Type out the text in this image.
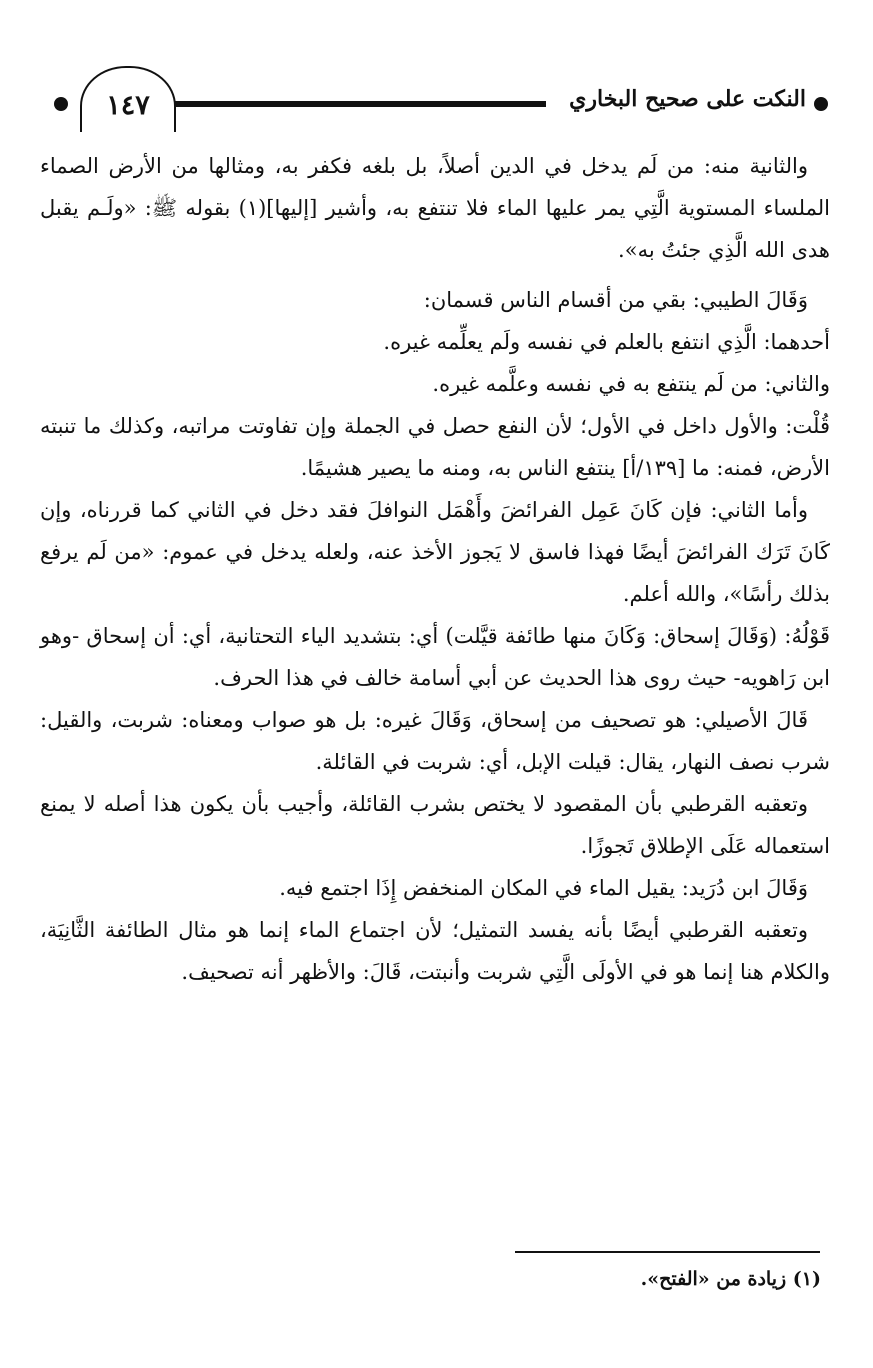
١٤٧	النكت على صحيح البخاري

والثانية منه: من لَم يدخل في الدين أصلاً، بل بلغه فكفر به، ومثالها من الأرض الصماء الملساء المستوية الَّتِي يمر عليها الماء فلا تنتفع به، وأشير [إليها](١) بقوله ﷺ: «ولَـم يقبل هدى الله الَّذِي جئتُ به».

وَقَالَ الطيبي: بقي من أقسام الناس قسمان:

أحدهما: الَّذِي انتفع بالعلم في نفسه ولَم يعلِّمه غيره.

والثاني: من لَم ينتفع به في نفسه وعلَّمه غيره.

قُلْت: والأول داخل في الأول؛ لأن النفع حصل في الجملة وإن تفاوتت مراتبه، وكذلك ما تنبته الأرض، فمنه: ما [١٣٩/أ] ينتفع الناس به، ومنه ما يصير هشيمًا.

وأما الثاني: فإن كَانَ عَمِل الفرائضَ وأَهْمَل النوافلَ فقد دخل في الثاني كما قررناه، وإن كَانَ تَرَك الفرائضَ أيضًا فهذا فاسق لا يَجوز الأخذ عنه، ولعله يدخل في عموم: «من لَم يرفع بذلك رأسًا»، والله أعلم.

قَوْلُهُ: (وَقَالَ إسحاق: وَكَانَ منها طائفة قيَّلت) أي: بتشديد الياء التحتانية، أي: أن إسحاق -وهو ابن رَاهويه- حيث روى هذا الحديث عن أبي أسامة خالف في هذا الحرف.

قَالَ الأصيلي: هو تصحيف من إسحاق، وَقَالَ غيره: بل هو صواب ومعناه: شربت، والقيل: شرب نصف النهار، يقال: قيلت الإبل، أي: شربت في القائلة.

وتعقبه القرطبي بأن المقصود لا يختص بشرب القائلة، وأجيب بأن يكون هذا أصله لا يمنع استعماله عَلَى الإطلاق تَجوزًا.

وَقَالَ ابن دُرَيد: يقيل الماء في المكان المنخفض إِذَا اجتمع فيه.

وتعقبه القرطبي أيضًا بأنه يفسد التمثيل؛ لأن اجتماع الماء إنما هو مثال الطائفة الثَّانِيَة، والكلام هنا إنما هو في الأولَى الَّتِي شربت وأنبتت، قَالَ: والأظهر أنه تصحيف.

(١) زيادة من «الفتح».
